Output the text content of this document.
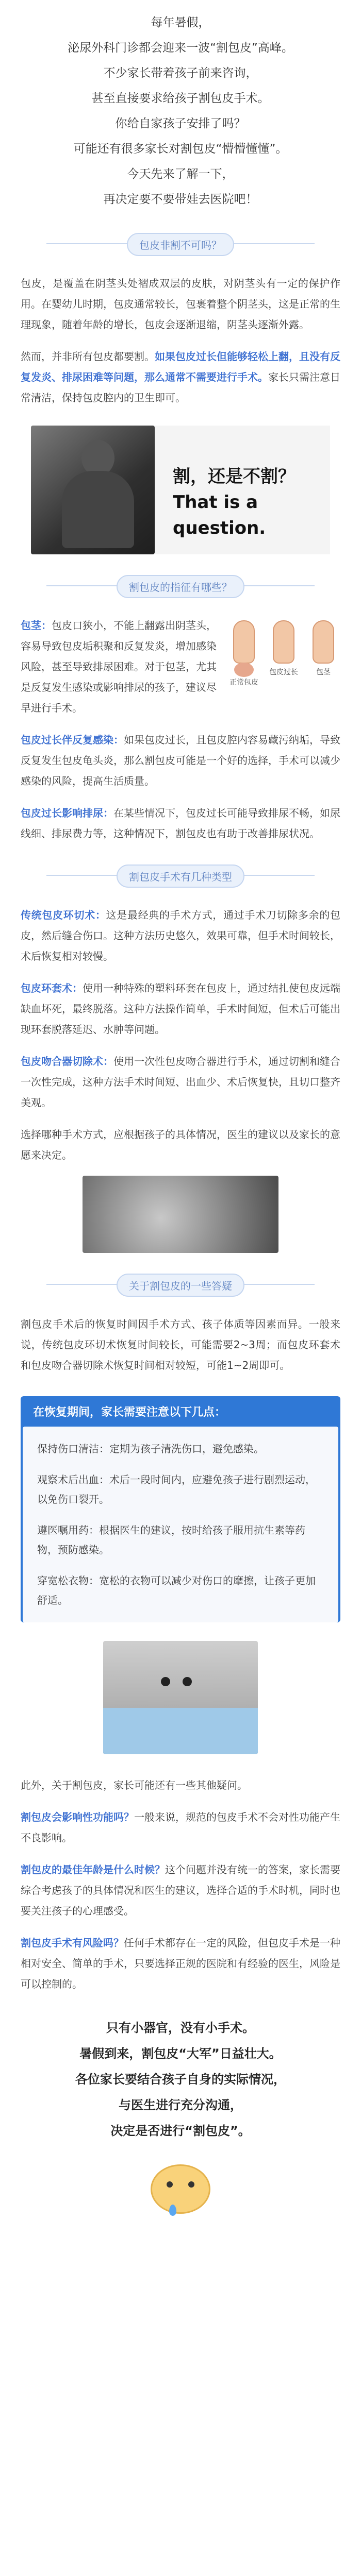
每年暑假，

泌尿外科门诊都会迎来一波“割包皮”高峰。

不少家长带着孩子前来咨询，

甚至直接要求给孩子割包皮手术。

你给自家孩子安排了吗？

可能还有很多家长对割包皮“懵懵懂懂”。

今天先来了解一下，

再决定要不要带娃去医院吧！

包皮非割不可吗？

包皮，是覆盖在阴茎头处褶成双层的皮肤，对阴茎头有一定的保护作用。在婴幼儿时期，包皮通常较长，包裹着整个阴茎头，这是正常的生理现象，随着年龄的增长，包皮会逐渐退缩，阴茎头逐渐外露。

然而，并非所有包皮都要割。如果包皮过长但能够轻松上翻，且没有反复发炎、排尿困难等问题，那么通常不需要进行手术。家长只需注意日常清洁，保持包皮腔内的卫生即可。

割，还是不割？
That is a question.
割包皮的指征有哪些？

包茎：包皮口狭小，不能上翻露出阴茎头，容易导致包皮垢积聚和反复发炎，增加感染风险，甚至导致排尿困难。对于包茎，尤其是反复发生感染或影响排尿的孩子，建议尽早进行手术。

正常包皮
包皮过长	包茎

包皮过长伴反复感染：如果包皮过长，且包皮腔内容易藏污纳垢，导致反复发生包皮龟头炎，那么割包皮可能是一个好的选择，手术可以减少感染的风险，提高生活质量。

包皮过长影响排尿：在某些情况下，包皮过长可能导致排尿不畅，如尿线细、排尿费力等，这种情况下，割包皮也有助于改善排尿状况。

割包皮手术有几种类型

传统包皮环切术：这是最经典的手术方式，通过手术刀切除多余的包皮，然后缝合伤口。这种方法历史悠久，效果可靠，但手术时间较长，术后恢复相对较慢。

包皮环套术：使用一种特殊的塑料环套在包皮上，通过结扎使包皮远端缺血坏死，最终脱落。这种方法操作简单，手术时间短，但术后可能出现环套脱落延迟、水肿等问题。

包皮吻合器切除术：使用一次性包皮吻合器进行手术，通过切割和缝合一次性完成，这种方法手术时间短、出血少、术后恢复快，且切口整齐美观。

选择哪种手术方式，应根据孩子的具体情况，医生的建议以及家长的意愿来决定。

关于割包皮的一些答疑

割包皮手术后的恢复时间因手术方式、孩子体质等因素而异。一般来说，传统包皮环切术恢复时间较长，可能需要2~3周；而包皮环套术和包皮吻合器切除术恢复时间相对较短，可能1~2周即可。

在恢复期间，家长需要注意以下几点：

保持伤口清洁：定期为孩子清洗伤口，避免感染。

观察术后出血：术后一段时间内，应避免孩子进行剧烈运动，以免伤口裂开。

遵医嘱用药：根据医生的建议，按时给孩子服用抗生素等药物，预防感染。

穿宽松衣物：宽松的衣物可以减少对伤口的摩擦，让孩子更加舒适。

此外，关于割包皮，家长可能还有一些其他疑问。

割包皮会影响性功能吗？一般来说，规范的包皮手术不会对性功能产生不良影响。

割包皮的最佳年龄是什么时候？这个问题并没有统一的答案，家长需要综合考虑孩子的具体情况和医生的建议，选择合适的手术时机，同时也要关注孩子的心理感受。

割包皮手术有风险吗？任何手术都存在一定的风险，但包皮手术是一种相对安全、简单的手术，只要选择正规的医院和有经验的医生，风险是可以控制的。

只有小器官，没有小手术。

暑假到来，割包皮“大军”日益壮大。

各位家长要结合孩子自身的实际情况，

与医生进行充分沟通，

决定是否进行“割包皮”。
